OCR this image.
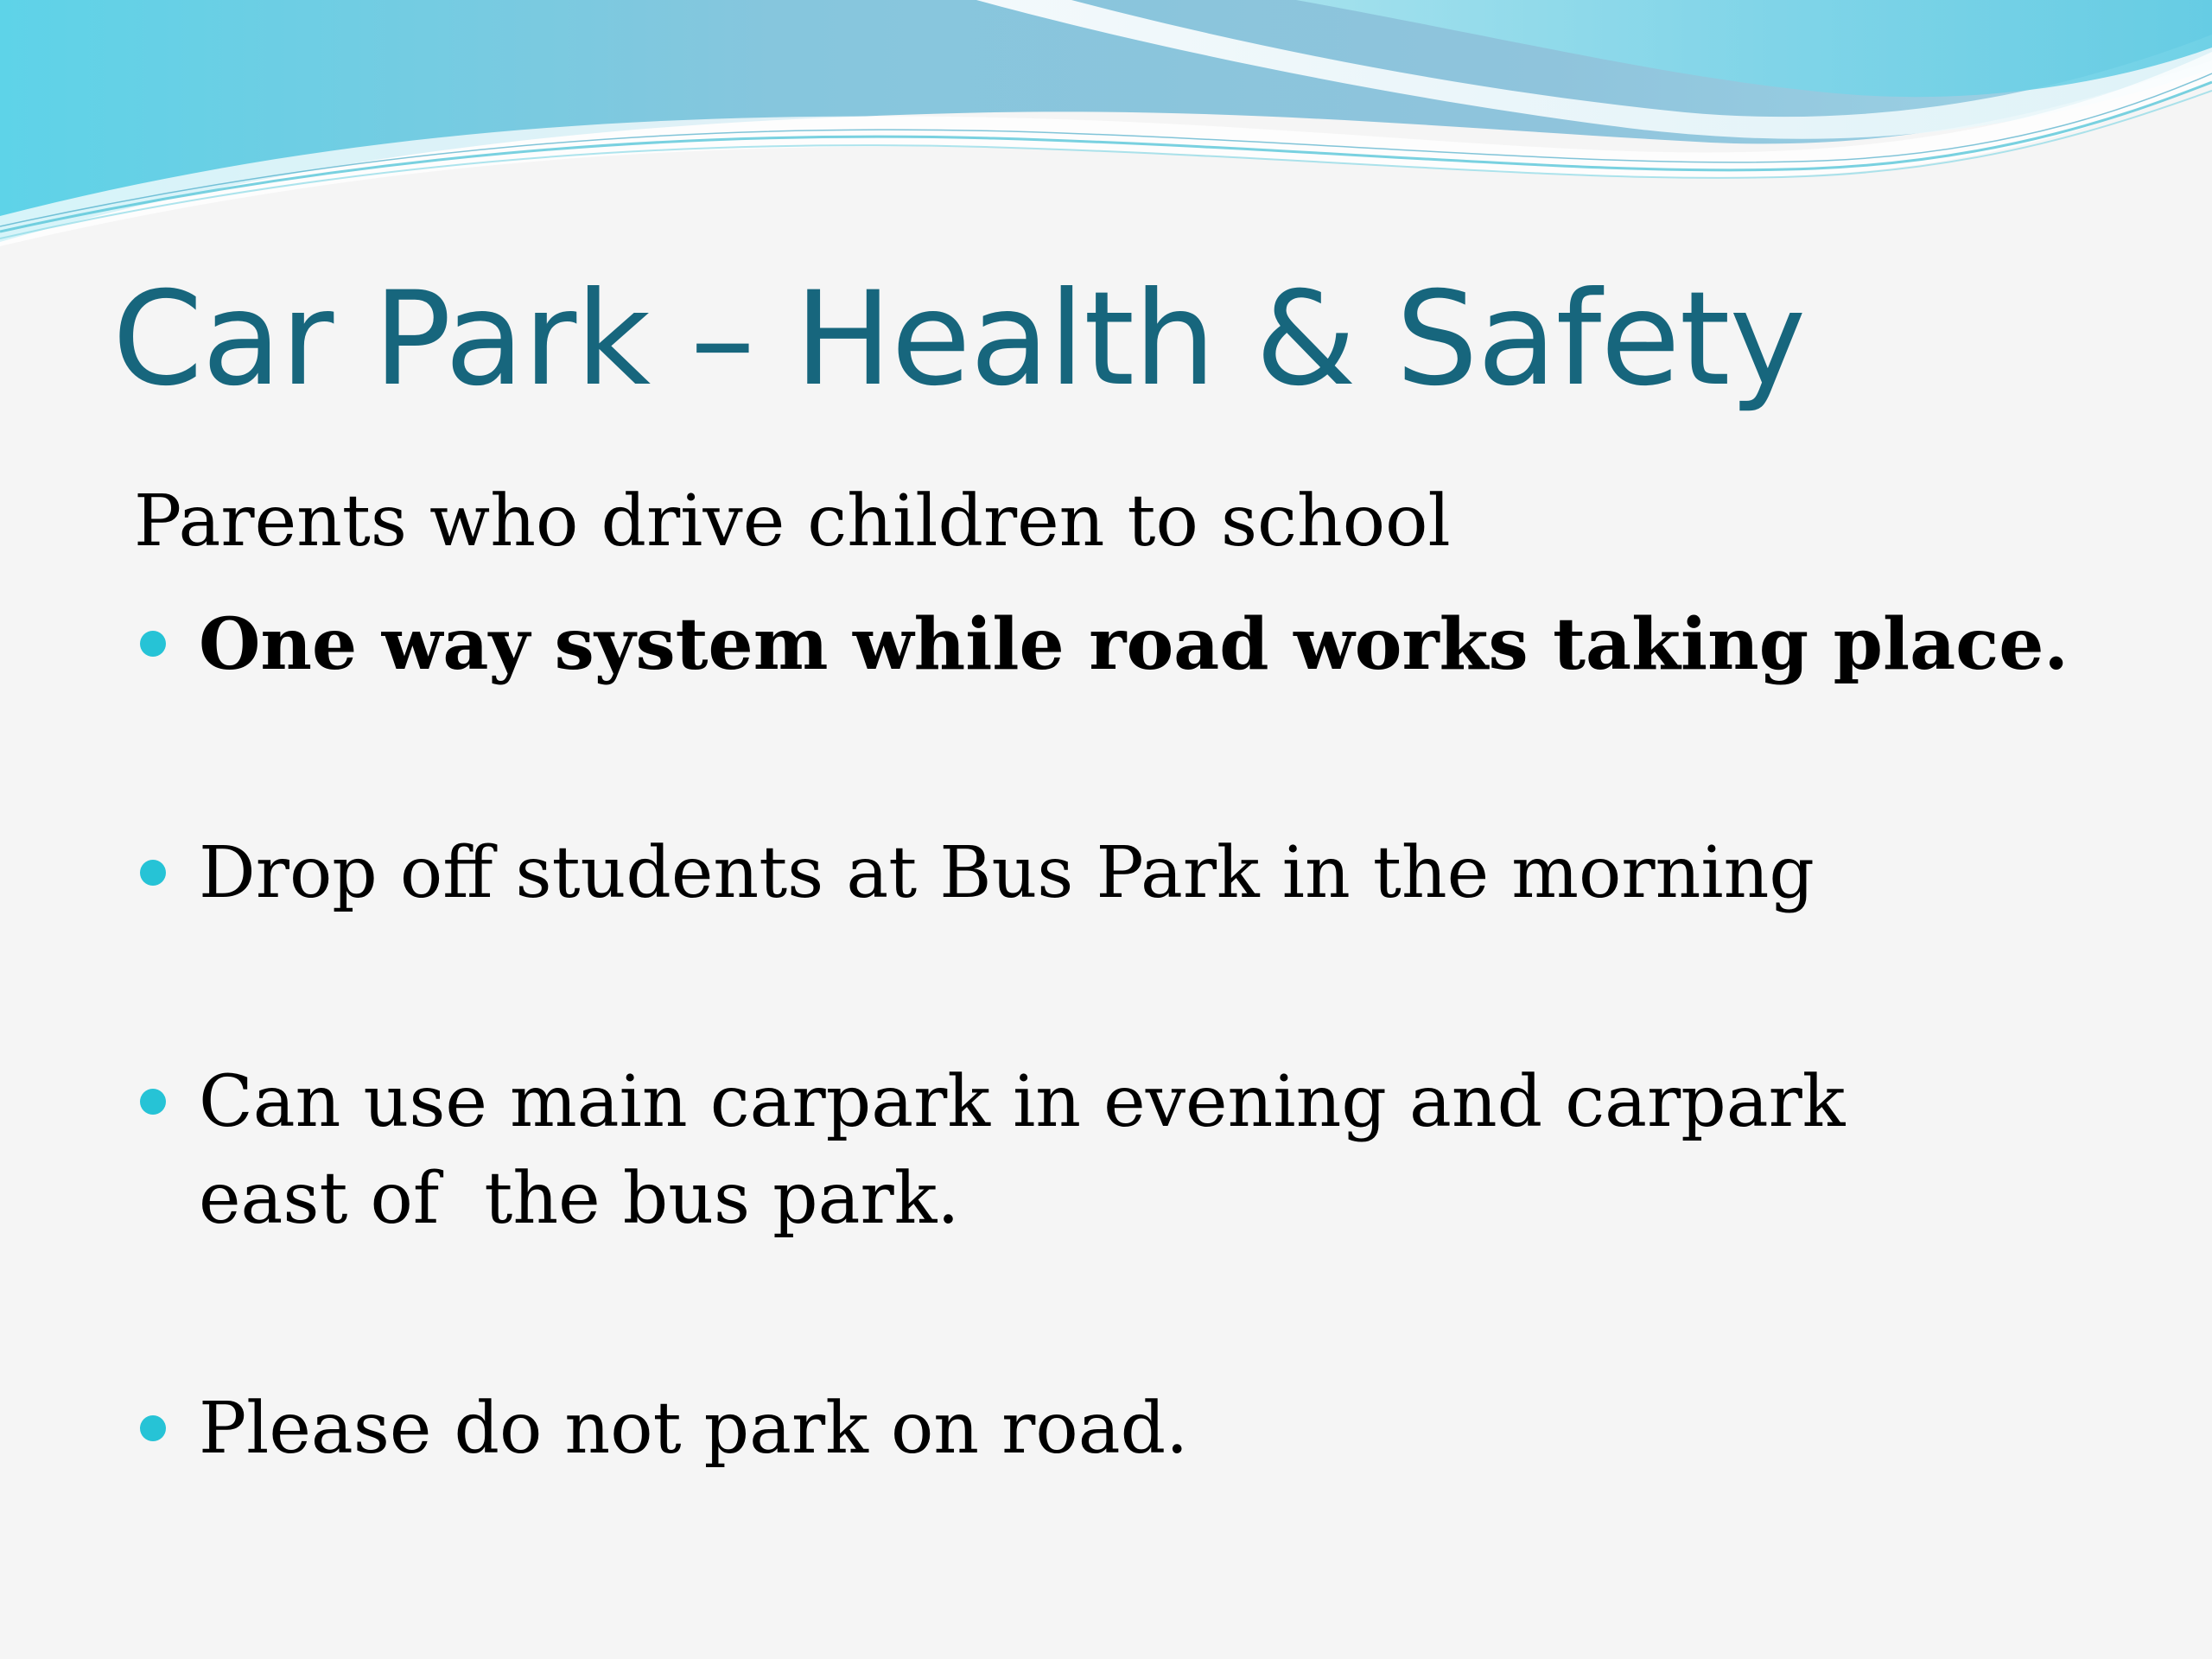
Car Park – Health & Safety

Parents who drive children to school

One way system while road works taking place.
Drop off students at Bus Park in the morning
Can use main carpark in evening and carpark east of  the bus park.
Please do not park on road.
